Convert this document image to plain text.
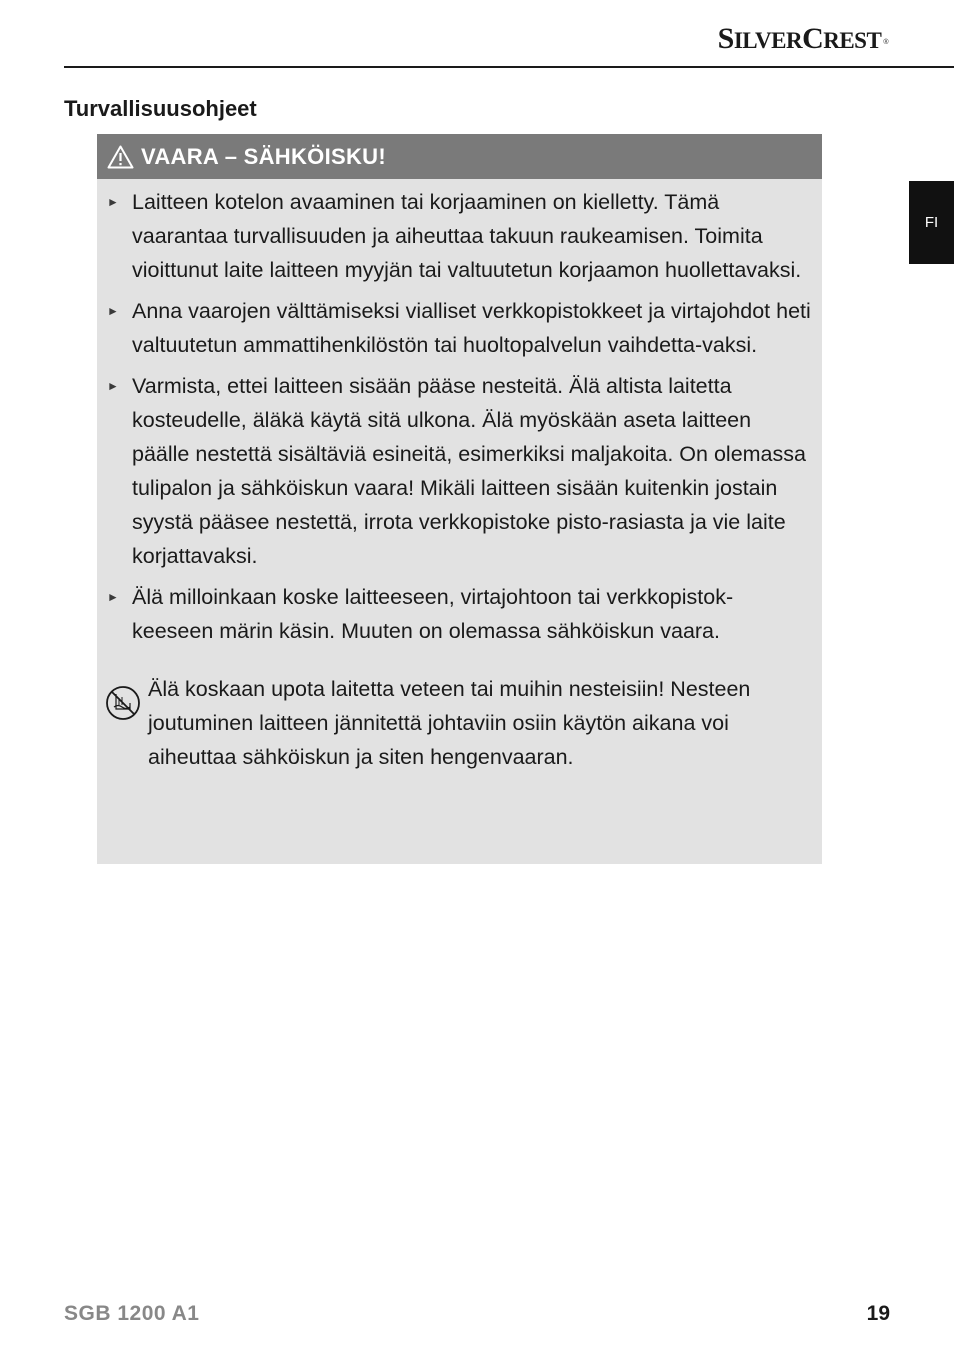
SILVERCREST ®
Turvallisuusohjeet
FI
VAARA – SÄHKÖISKU!
► Laitteen kotelon avaaminen tai korjaaminen on kielletty. Tämä vaarantaa turvallisuuden ja aiheuttaa takuun raukeamisen. Toimita vioittunut laite laitteen myyjän tai valtuutetun korjaamon huollettavaksi.
► Anna vaarojen välttämiseksi vialliset verkkopistokkeet ja virtajohdot heti valtuutetun ammattihenkilöstön tai huoltopalvelun vaihdetta-vaksi.
► Varmista, ettei laitteen sisään pääse nesteitä. Älä altista laitetta kosteudelle, äläkä käytä sitä ulkona. Älä myöskään aseta laitteen päälle nestettä sisältäviä esineitä, esimerkiksi maljakoita. On olemassa tulipalon ja sähköiskun vaara! Mikäli laitteen sisään kuitenkin jostain syystä pääsee nestettä, irrota verkkopistoke pisto-rasiasta ja vie laite korjattavaksi.
► Älä milloinkaan koske laitteeseen, virtajohtoon tai verkkopistok-keeseen märin käsin. Muuten on olemassa sähköiskun vaara.
Älä koskaan upota laitetta veteen tai muihin nesteisiin! Nesteen joutuminen laitteen jännitettä johtaviin osiin käytön aikana voi aiheuttaa sähköiskun ja siten hengenvaaran.
SGB 1200 A1	19
